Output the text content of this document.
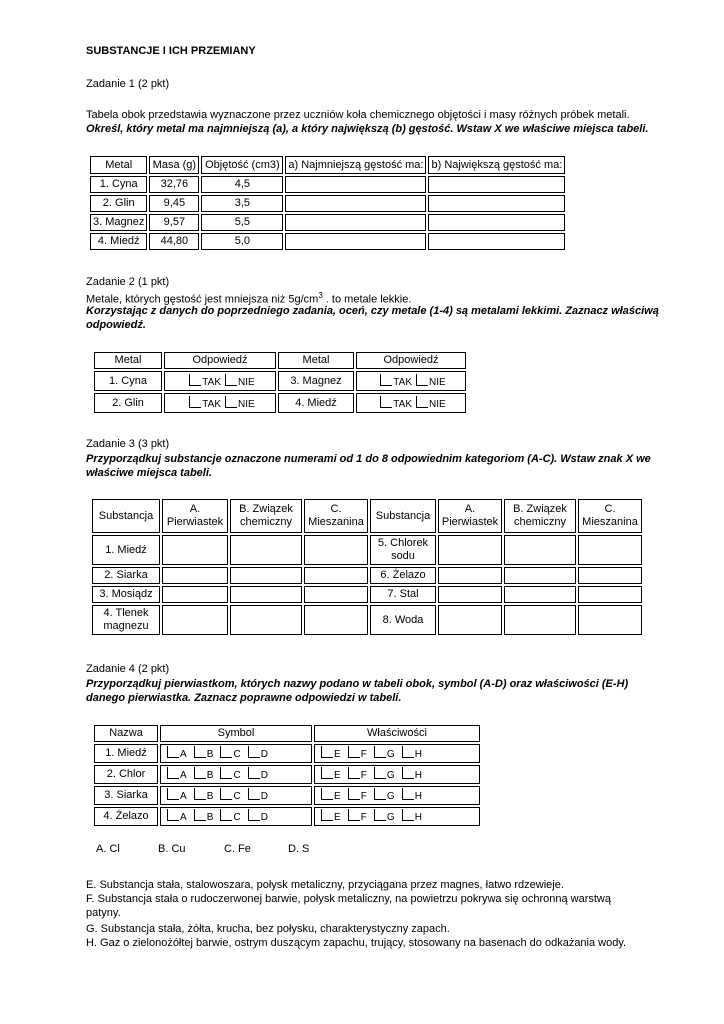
SUBSTANCJE I ICH PRZEMIANY
Zadanie 1 (2 pkt)
Tabela obok przedstawia wyznaczone przez uczniów koła chemicznego objętości i masy różnych próbek metali.
Określ, który metal ma najmniejszą (a), a który największą (b) gęstość. Wstaw X we właściwe miejsca tabeli.
Metal	Masa (g)	Objętość (cm3)	a) Najmniejszą gęstość ma:	b) Największą gęstość ma:
1. Cyna	32,76	4,5		
2. Glin	9,45	3,5		
3. Magnez	9,57	5,5		
4. Miedź	44,80	5,0		
Zadanie 2 (1 pkt)
Metale, których gęstość jest mniejsza niż $5g/cm^3$ . to metale lekkie.
Korzystając z danych do poprzedniego zadania, oceń, czy metale (1-4) są metalami lekkimi. Zaznacz właściwą
odpowiedź.
Metal	Odpowiedź	Metal	Odpowiedź
1. Cyna	TAK NIE	3. Magnez	TAK NIE
2. Glin	TAK NIE	4. Miedź	TAK NIE
Zadanie 3 (3 pkt)
Przyporządkuj substancje oznaczone numerami od 1 do 8 odpowiednim kategoriom (A-C). Wstaw znak X we
właściwe miejsca tabeli.
Substancja	A. Pierwiastek	B. Związek chemiczny	C. Mieszanina	Substancja	A. Pierwiastek	B. Związek chemiczny	C. Mieszanina
1. Miedź				5. Chlorek sodu			
2. Siarka				6. Żelazo			
3. Mosiądz				7. Stal			
4. Tlenek magnezu				8. Woda			
Zadanie 4 (2 pkt)
Przyporządkuj pierwiastkom, których nazwy podano w tabeli obok, symbol (A-D) oraz właściwości (E-H)
danego pierwiastka. Zaznacz poprawne odpowiedzi w tabeli.
Nazwa	Symbol	Właściwości
1. Miedź	A B C D	E F G H
2. Chlor	A B C D	E F G H
3. Siarka	A B C D	E F G H
4. Żelazo	A B C D	E F G H
A. Cl	B. Cu	C. Fe	D. S
E. Substancja stała, stalowoszara, połysk metaliczny, przyciągana przez magnes, łatwo rdzewieje.
F. Substancja stała o rudoczerwonej barwie, połysk metaliczny, na powietrzu pokrywa się ochronną warstwą patyny.
G. Substancja stała, żółta, krucha, bez połysku, charakterystyczny zapach.
H. Gaz o zielonożółtej barwie, ostrym duszącym zapachu, trujący, stosowany na basenach do odkażania wody.
